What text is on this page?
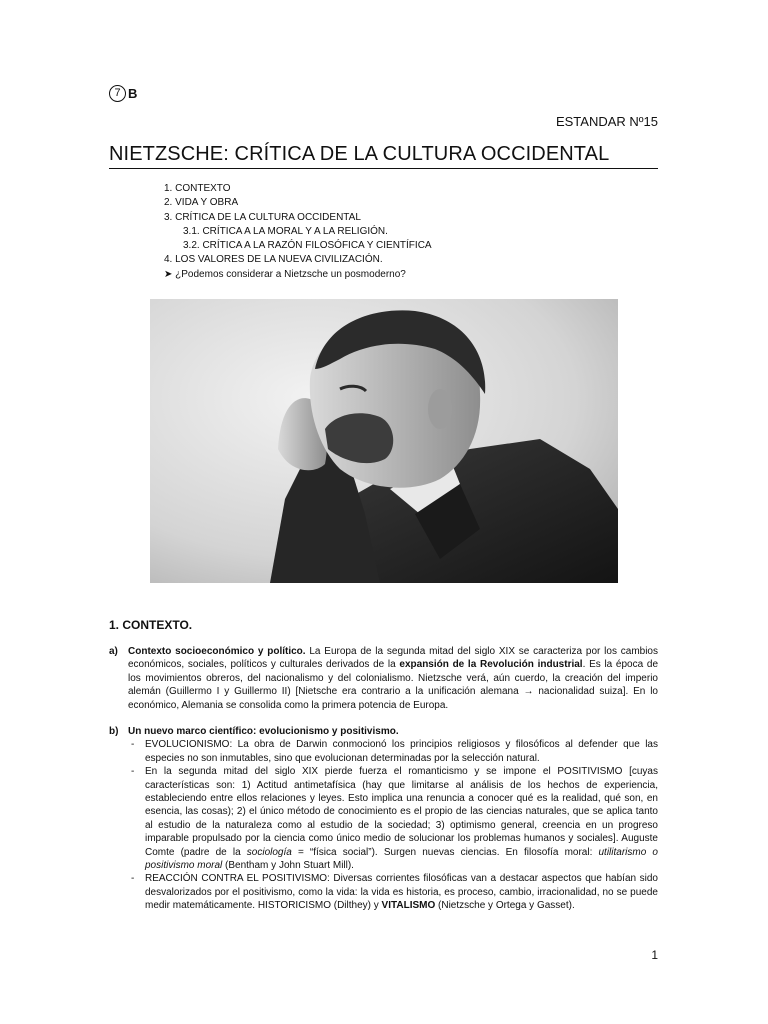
7 B
ESTANDAR Nº15
NIETZSCHE: CRÍTICA DE LA CULTURA OCCIDENTAL
1. CONTEXTO
2. VIDA Y OBRA
3. CRÍTICA DE LA CULTURA OCCIDENTAL
3.1. CRÍTICA A LA MORAL Y A LA RELIGIÓN.
3.2. CRÍTICA A LA RAZÓN FILOSÓFICA Y CIENTÍFICA
4. LOS VALORES DE LA NUEVA CIVILIZACIÓN.
➤ ¿Podemos considerar a Nietzsche un posmoderno?
1. CONTEXTO.
a) Contexto socioeconómico y político. La Europa de la segunda mitad del siglo XIX se caracteriza por los cambios económicos, sociales, políticos y culturales derivados de la expansión de la Revolución industrial. Es la época de los movimientos obreros, del nacionalismo y del colonialismo. Nietzsche verá, aún cuerdo, la creación del imperio alemán (Guillermo I y Guillermo II) [Nietsche era contrario a la unificación alemana → nacionalidad suiza]. En lo económico, Alemania se consolida como la primera potencia de Europa.
b) Un nuevo marco científico: evolucionismo y positivismo.
- EVOLUCIONISMO: La obra de Darwin conmocionó los principios religiosos y filosóficos al defender que las especies no son inmutables, sino que evolucionan determinadas por la selección natural.
- En la segunda mitad del siglo XIX pierde fuerza el romanticismo y se impone el POSITIVISMO [cuyas características son: 1) Actitud antimetafísica (hay que limitarse al análisis de los hechos de experiencia, estableciendo entre ellos relaciones y leyes. Esto implica una renuncia a conocer qué es la realidad, qué son, en esencia, las cosas); 2) el único método de conocimiento es el propio de las ciencias naturales, que se aplica tanto al estudio de la naturaleza como al estudio de la sociedad; 3) optimismo general, creencia en un progreso imparable propulsado por la ciencia como único medio de solucionar los problemas humanos y sociales]. Auguste Comte (padre de la sociología = “física social”). Surgen nuevas ciencias. En filosofía moral: utilitarismo o positivismo moral (Bentham y John Stuart Mill).
- REACCIÓN CONTRA EL POSITIVISMO: Diversas corrientes filosóficas van a destacar aspectos que habían sido desvalorizados por el positivismo, como la vida: la vida es historia, es proceso, cambio, irracionalidad, no se puede medir matemáticamente. HISTORICISMO (Dilthey) y VITALISMO (Nietzsche y Ortega y Gasset).
1
